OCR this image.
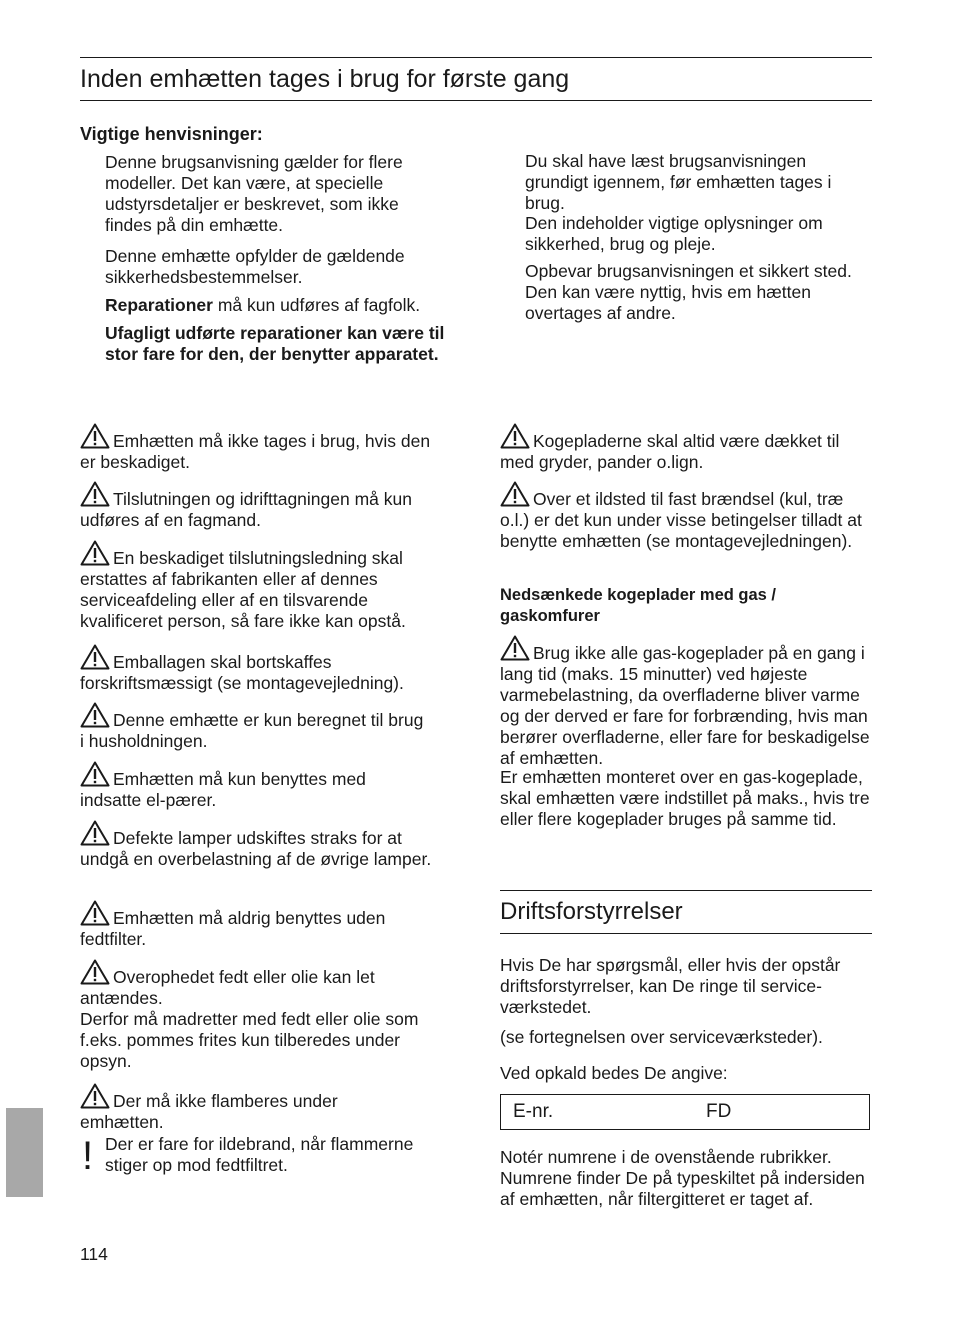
Inden emhætten tages i brug for første gang
Vigtige henvisninger:

Denne brugsanvisning gælder for flere modeller. Det kan være, at specielle udstyrsdetaljer er beskrevet, som ikke findes på din emhætte.

Denne emhætte opfylder de gældende sikkerhedsbestemmelser.

Reparationer må kun udføres af fagfolk.

Ufagligt udførte reparationer kan være til stor fare for den, der benytter apparatet.

Du skal have læst brugsanvisningen grundigt igennem, før emhætten tages i brug.

Den indeholder vigtige oplysninger om sikkerhed, brug og pleje.

Opbevar brugsanvisningen et sikkert sted. Den kan være nyttig, hvis em hætten overtages af andre.

Emhætten må ikke tages i brug, hvis den er beskadiget.
Tilslutningen og idrifttagningen må kun udføres af en fagmand.
En beskadiget tilslutningsledning skal erstattes af fabrikanten eller af dennes serviceafdeling eller af en tilsvarende kvalificeret person, så fare ikke kan opstå.
Emballagen skal bortskaffes forskriftsmæssigt (se montagevejledning).
Denne emhætte er kun beregnet til brug i husholdningen.
Emhætten må kun benyttes med indsatte el-pærer.
Defekte lamper udskiftes straks for at undgå en overbelastning af de øvrige lamper.
Emhætten må aldrig benyttes uden fedtfilter.
Overophedet fedt eller olie kan let antændes.

Derfor må madretter med fedt eller olie som f.eks. pommes frites kun tilberedes under opsyn.

Der må ikke flamberes under emhætten.
! Der er fare for ildebrand, når flammerne stiger op mod fedtfiltret.

Kogepladerne skal altid være dækket til med gryder, pander o.lign.
Over et ildsted til fast brændsel (kul, træ o.l.) er det kun under visse betingelser tilladt at benytte emhætten (se montagevejledningen).
Nedsænkede kogeplader med gas / gaskomfurer
Brug ikke alle gas-kogeplader på en gang i lang tid (maks. 15 minutter) ved højeste varmebelastning, da overfladerne bliver varme og der derved er fare for forbrænding, hvis man berører overfladerne, eller fare for beskadigelse af emhætten.

Er emhætten monteret over en gas-kogeplade, skal emhætten være indstillet på maks., hvis tre eller flere kogeplader bruges på samme tid.

Driftsforstyrrelser

Hvis De har spørgsmål, eller hvis der opstår driftsforstyrrelser, kan De ringe til service-værkstedet.

(se fortegnelsen over serviceværksteder).

Ved opkald bedes De angive:

E-nr.	FD

Notér numrene i de ovenstående rubrikker. Numrene finder De på typeskiltet på indersiden af emhætten, når filtergitteret er taget af.

114
